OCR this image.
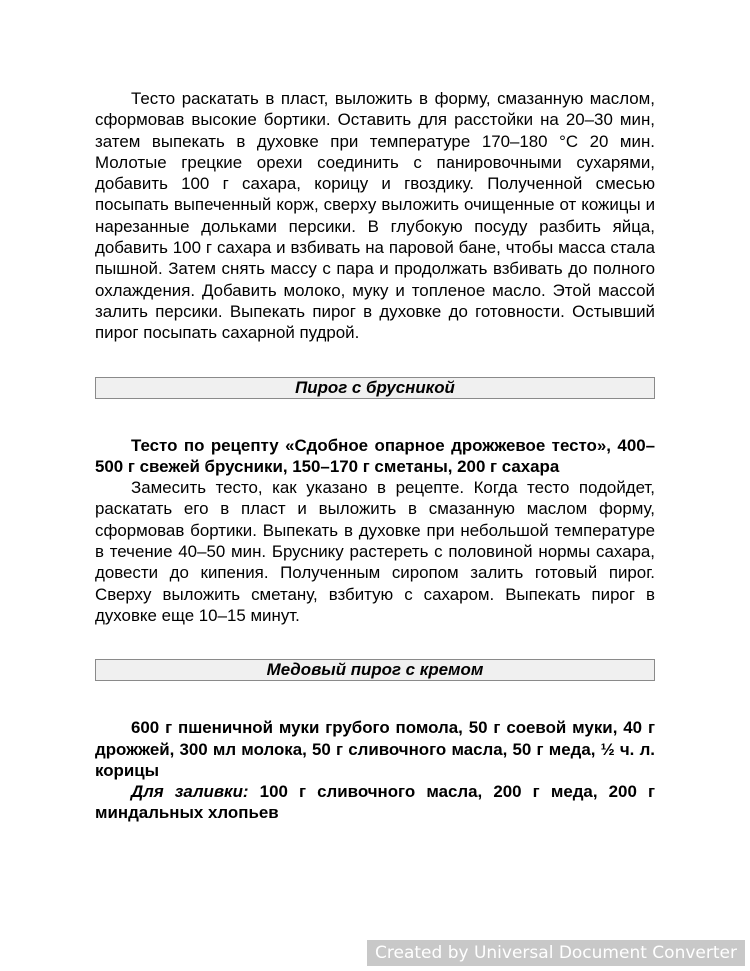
Тесто раскатать в пласт, выложить в форму, смазанную маслом, сформовав высокие бортики. Оставить для расстойки на 20–30 мин, затем выпекать в духовке при температуре 170–180 °С 20 мин. Молотые грецкие орехи соединить с панировочными сухарями, добавить 100 г сахара, корицу и гвоздику. Полученной смесью посыпать выпеченный корж, сверху выложить очищенные от кожицы и нарезанные дольками персики. В глубокую посуду разбить яйца, добавить 100 г сахара и взбивать на паровой бане, чтобы масса стала пышной. Затем снять массу с пара и продолжать взбивать до полного охлаждения. Добавить молоко, муку и топленое масло. Этой массой залить персики. Выпекать пирог в духовке до готовности. Остывший пирог посыпать сахарной пудрой.

Пирог с брусникой

Тесто по рецепту «Сдобное опарное дрожжевое тесто», 400–500 г свежей брусники, 150–170 г сметаны, 200 г сахара

Замесить тесто, как указано в рецепте. Когда тесто подойдет, раскатать его в пласт и выложить в смазанную маслом форму, сформовав бортики. Выпекать в духовке при небольшой температуре в течение 40–50 мин. Бруснику растереть с половиной нормы сахара, довести до кипения. Полученным сиропом залить готовый пирог. Сверху выложить сметану, взбитую с сахаром. Выпекать пирог в духовке еще 10–15 минут.

Медовый пирог с кремом

600 г пшеничной муки грубого помола, 50 г соевой муки, 40 г дрожжей, 300 мл молока, 50 г сливочного масла, 50 г меда, ½ ч. л. корицы

Для заливки: 100 г сливочного масла, 200 г меда, 200 г миндальных хлопьев

Created by Universal Document Converter
